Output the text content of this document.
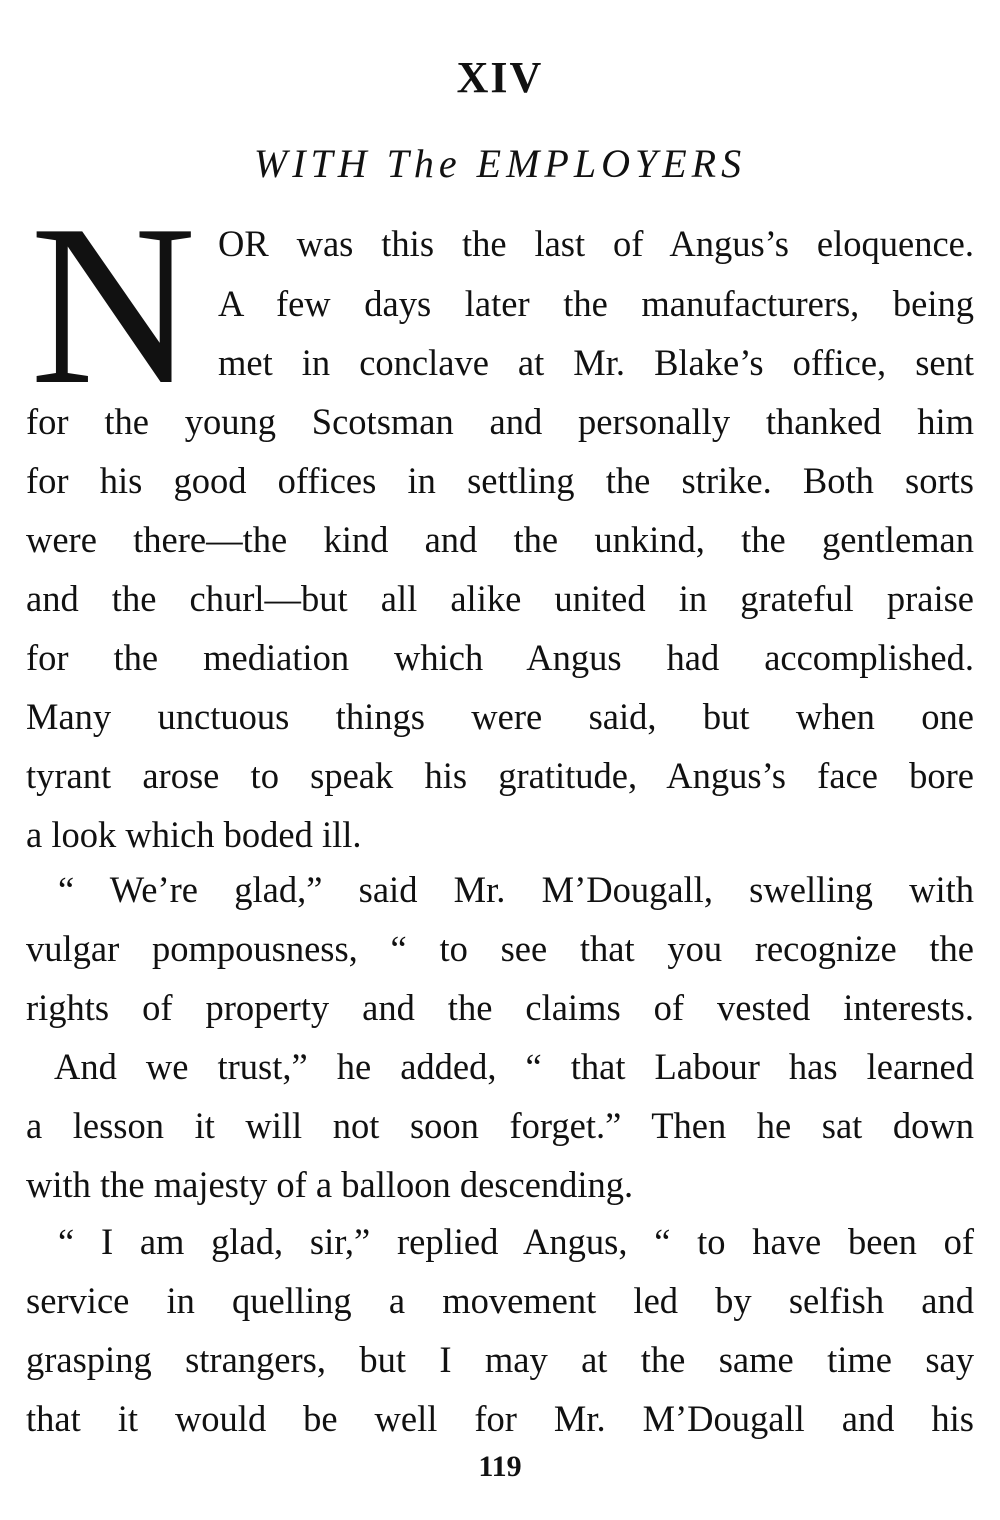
XIV
WITH The EMPLOYERS
N OR was this the last of Angus’s eloquence.
A few days later the manufacturers, being
met in conclave at Mr. Blake’s office, sent
for the young Scotsman and personally thanked him
for his good offices in settling the strike. Both sorts
were there—the kind and the unkind, the gentleman
and the churl—but all alike united in grateful praise
for the mediation which Angus had accomplished.
Many unctuous things were said, but when one
tyrant arose to speak his gratitude, Angus’s face bore
a look which boded ill.
“ We’re glad,” said Mr. M’Dougall, swelling with
vulgar pompousness, “ to see that you recognize the
rights of property and the claims of vested interests.
And we trust,” he added, “ that Labour has learned
a lesson it will not soon forget.” Then he sat down
with the majesty of a balloon descending.
“ I am glad, sir,” replied Angus, “ to have been of
service in quelling a movement led by selfish and
grasping strangers, but I may at the same time say
that it would be well for Mr. M’Dougall and his
119
